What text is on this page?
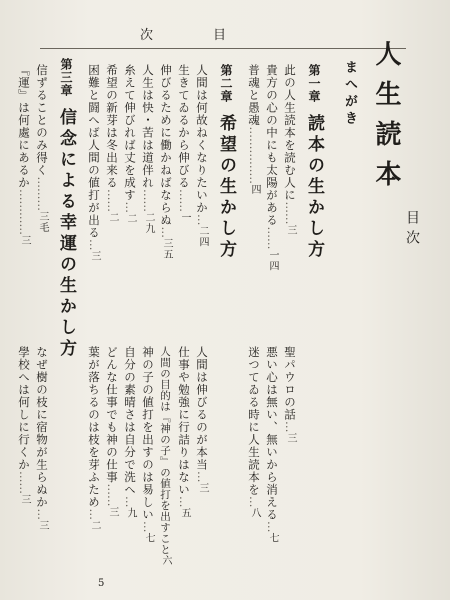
次目
人生読本
目次
まへがき
第一章 読本の生かし方
此の人生読本を読む人に……三
貴方の心の中にも太陽がある……一四
普魂と愚魂……………四
第二章 希望の生かし方
人間は何故ねくなりたいか…二四
生きてゐるから伸びる……一
伸びるために働かねばならぬ…三五
人生は快・苦は道伴れ……二九
糸えて伸びれば丈を成す…二
希望の新芽は冬出来る……二
困難と闘へば人間の値打が出る…三
第三章 信念による幸運の生かし方
信ずることのみ得く………三毛
『運』は何處にあるか…………三
聖パウロの話…三
悪い心は無い、無いから消える…七
迷つてゐる時に人生読本を…八
人間は伸びるのが本当…三
仕事や勉強に行詰りはない…五
人間の目的は『神の子』の値打を出すこと六
神の子の値打を出すのは易しい…七
自分の素晴さは自分で洗へ…九
どんな仕事でも神の仕事……三
葉が落ちるのは枝を芽ふため…二
なぜ樹の枝に宿物が生らぬか…三
學校へは何しに行くか……三
5
